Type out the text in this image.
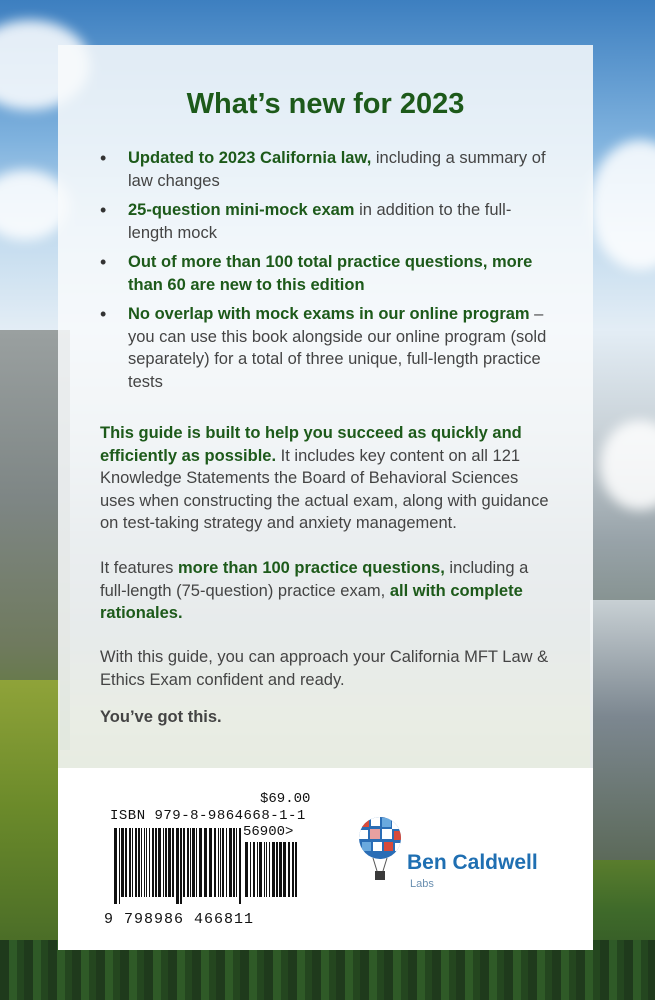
What’s new for 2023
• Updated to 2023 California law, including a summary of law changes
• 25-question mini-mock exam in addition to the full-length mock
• Out of more than 100 total practice questions, more than 60 are new to this edition
• No overlap with mock exams in our online program – you can use this book alongside our online program (sold separately) for a total of three unique, full-length practice tests

This guide is built to help you succeed as quickly and efficiently as possible. It includes key content on all 121 Knowledge Statements the Board of Behavioral Sciences uses when constructing the actual exam, along with guidance on test-taking strategy and anxiety management.

It features more than 100 practice questions, including a full-length (75-question) practice exam, all with complete rationales.

With this guide, you can approach your California MFT Law & Ethics Exam confident and ready.

You’ve got this.

$69.00
ISBN 979-8-9864668-1-1
56900>
9 798986 466811

Ben Caldwell

Labs
